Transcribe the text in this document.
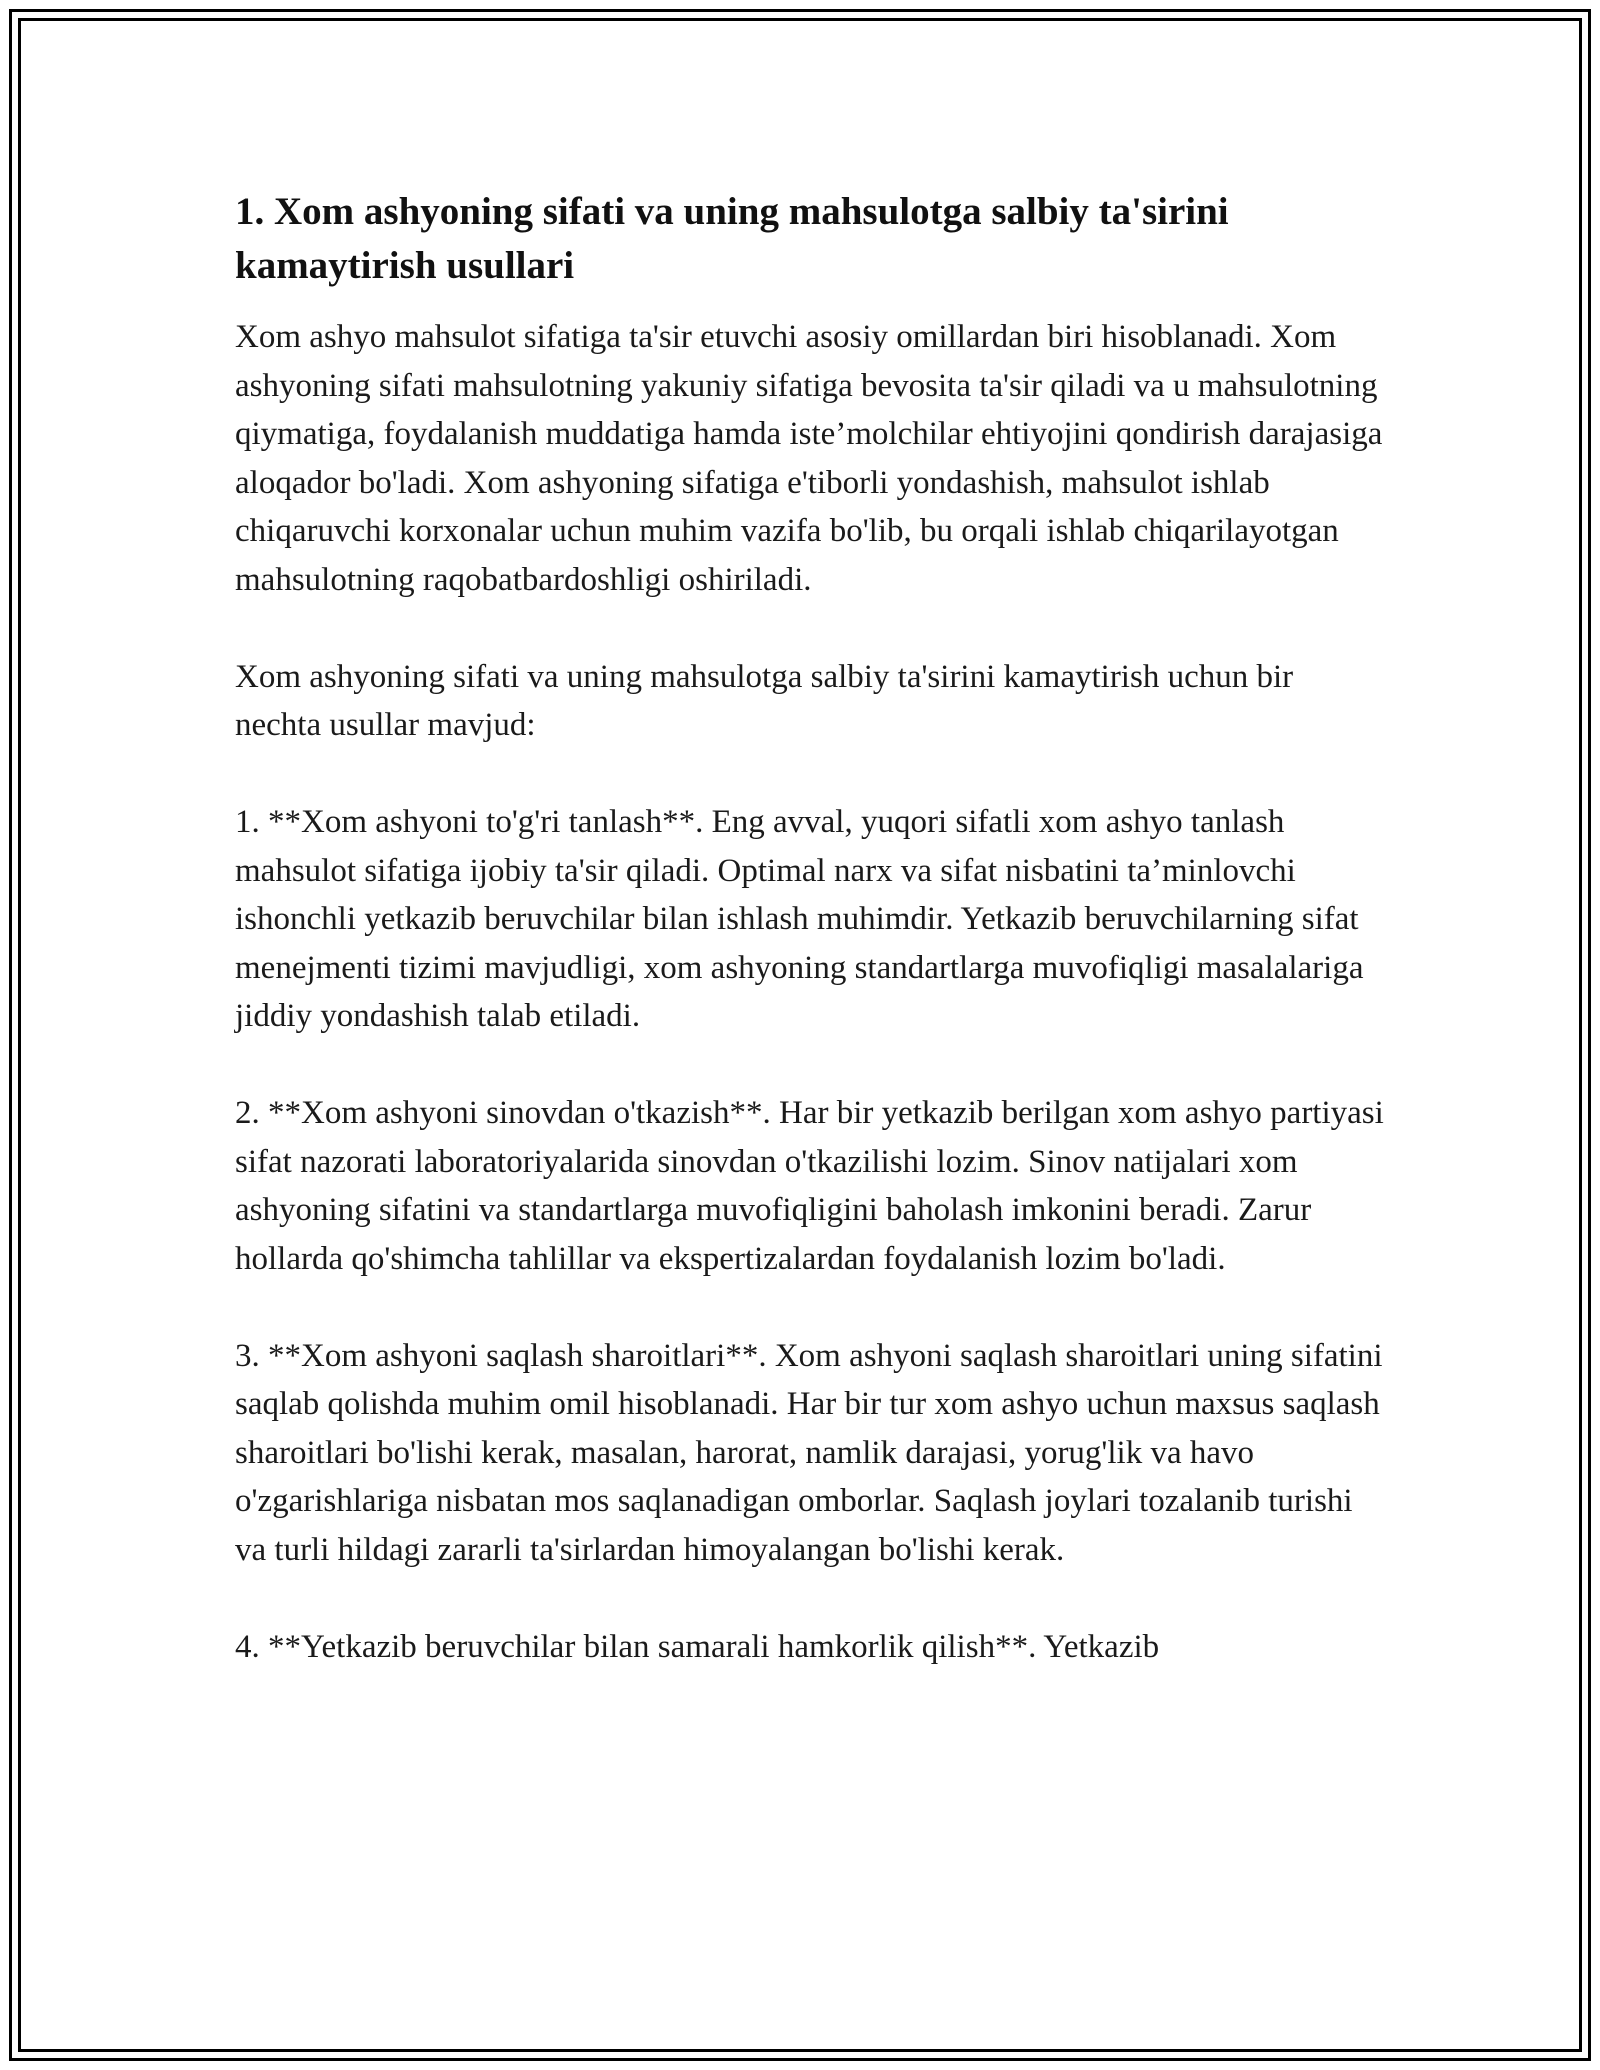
1. Xom ashyoning sifati va uning mahsulotga salbiy ta'sirini kamaytirish usullari

Xom ashyo mahsulot sifatiga ta'sir etuvchi asosiy omillardan biri hisoblanadi. Xom ashyoning sifati mahsulotning yakuniy sifatiga bevosita ta'sir qiladi va u mahsulotning qiymatiga, foydalanish muddatiga hamda iste’molchilar ehtiyojini qondirish darajasiga aloqador bo'ladi. Xom ashyoning sifatiga e'tiborli yondashish, mahsulot ishlab chiqaruvchi korxonalar uchun muhim vazifa bo'lib, bu orqali ishlab chiqarilayotgan mahsulotning raqobatbardoshligi oshiriladi.

Xom ashyoning sifati va uning mahsulotga salbiy ta'sirini kamaytirish uchun bir nechta usullar mavjud:

1. **Xom ashyoni to'g'ri tanlash**. Eng avval, yuqori sifatli xom ashyo tanlash mahsulot sifatiga ijobiy ta'sir qiladi. Optimal narx va sifat nisbatini ta’minlovchi ishonchli yetkazib beruvchilar bilan ishlash muhimdir. Yetkazib beruvchilarning sifat menejmenti tizimi mavjudligi, xom ashyoning standartlarga muvofiqligi masalalariga jiddiy yondashish talab etiladi.

2. **Xom ashyoni sinovdan o'tkazish**. Har bir yetkazib berilgan xom ashyo partiyasi sifat nazorati laboratoriyalarida sinovdan o'tkazilishi lozim. Sinov natijalari xom ashyoning sifatini va standartlarga muvofiqligini baholash imkonini beradi. Zarur hollarda qo'shimcha tahlillar va ekspertizalardan foydalanish lozim bo'ladi.

3. **Xom ashyoni saqlash sharoitlari**. Xom ashyoni saqlash sharoitlari uning sifatini saqlab qolishda muhim omil hisoblanadi. Har bir tur xom ashyo uchun maxsus saqlash sharoitlari bo'lishi kerak, masalan, harorat, namlik darajasi, yorug'lik va havo o'zgarishlariga nisbatan mos saqlanadigan omborlar. Saqlash joylari tozalanib turishi va turli hildagi zararli ta'sirlardan himoyalangan bo'lishi kerak.

4. **Yetkazib beruvchilar bilan samarali hamkorlik qilish**. Yetkazib
